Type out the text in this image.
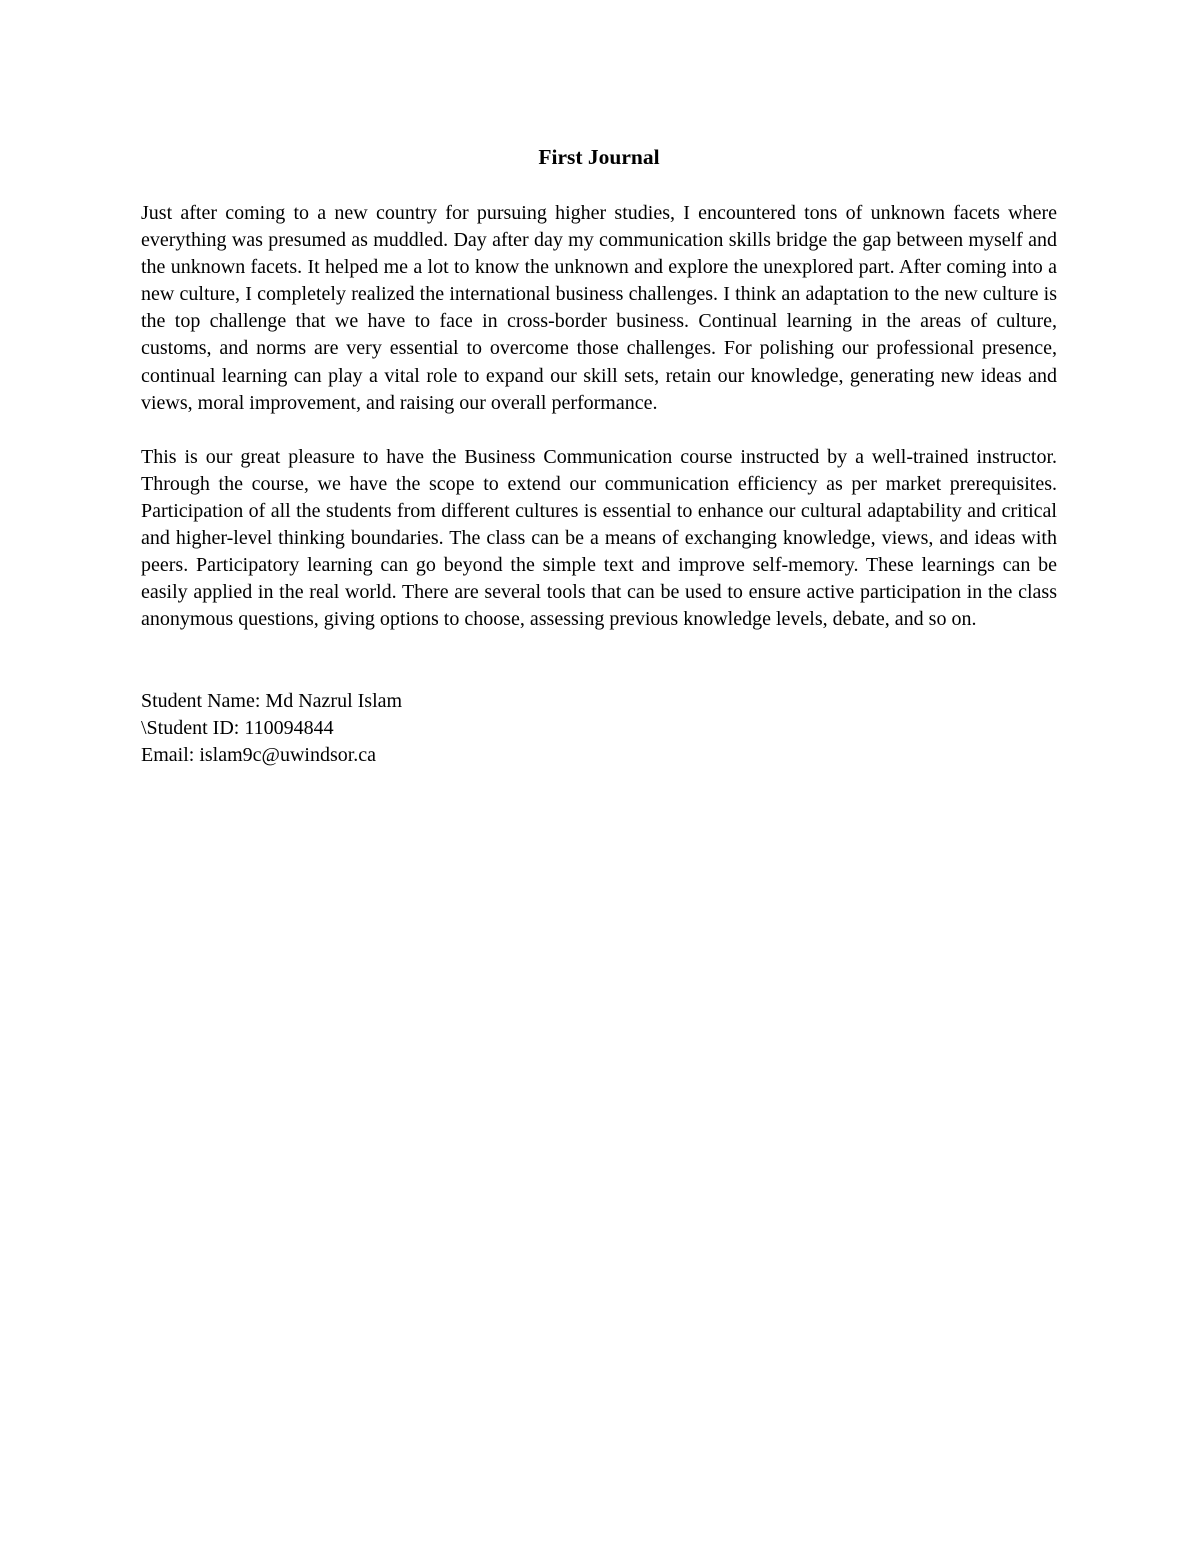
First Journal

Just after coming to a new country for pursuing higher studies, I encountered tons of unknown facets where everything was presumed as muddled. Day after day my communication skills bridge the gap between myself and the unknown facets. It helped me a lot to know the unknown and explore the unexplored part. After coming into a new culture, I completely realized the international business challenges. I think an adaptation to the new culture is the top challenge that we have to face in cross-border business. Continual learning in the areas of culture, customs, and norms are very essential to overcome those challenges. For polishing our professional presence, continual learning can play a vital role to expand our skill sets, retain our knowledge, generating new ideas and views, moral improvement, and raising our overall performance.

This is our great pleasure to have the Business Communication course instructed by a well-trained instructor. Through the course, we have the scope to extend our communication efficiency as per market prerequisites. Participation of all the students from different cultures is essential to enhance our cultural adaptability and critical and higher-level thinking boundaries. The class can be a means of exchanging knowledge, views, and ideas with peers. Participatory learning can go beyond the simple text and improve self-memory. These learnings can be easily applied in the real world. There are several tools that can be used to ensure active participation in the class anonymous questions, giving options to choose, assessing previous knowledge levels, debate, and so on.

Student Name: Md Nazrul Islam
\Student ID: 110094844
Email: islam9c@uwindsor.ca
